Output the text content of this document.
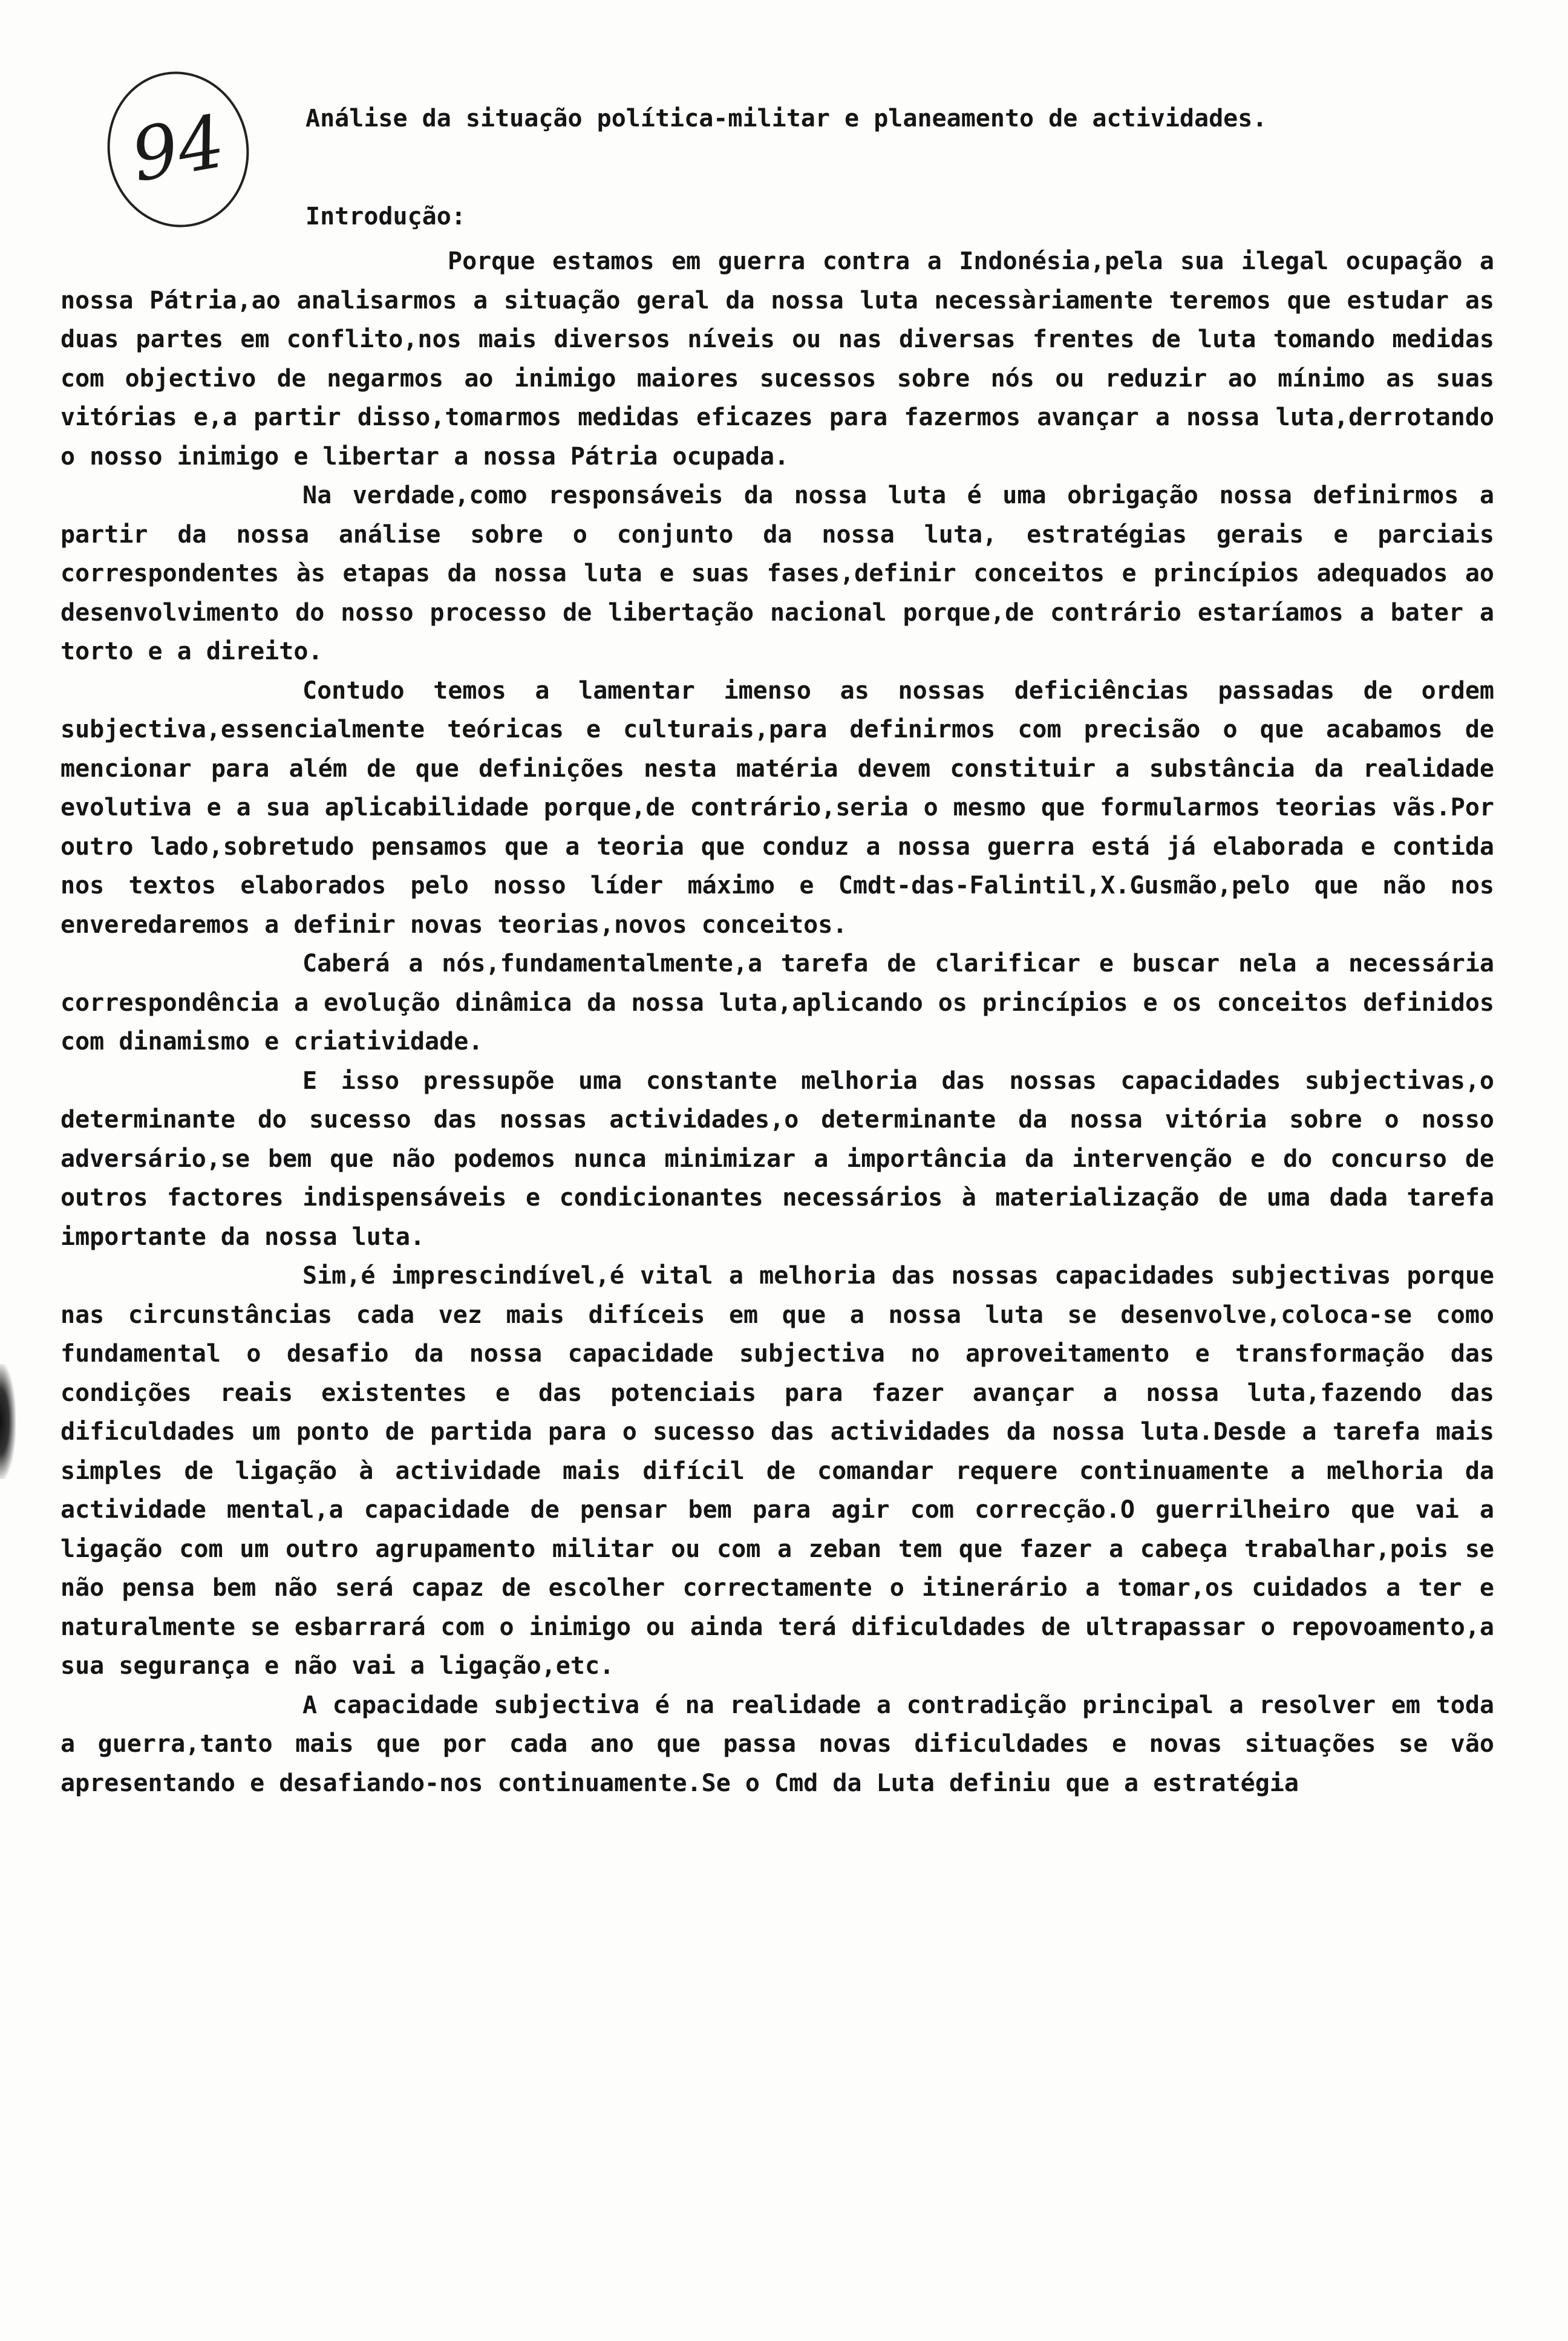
94	Análise da situação política-militar e planeamento de actividades.
Introdução:

Porque estamos em guerra contra a Indonésia,pela sua ilegal ocupação a nossa Pátria,ao analisarmos a situação geral da nossa luta necessàriamente teremos que estudar as duas partes em conflito,nos mais diversos níveis ou nas diversas frentes de luta tomando medidas com objectivo de negarmos ao inimigo maiores sucessos sobre nós ou reduzir ao mínimo as suas vitórias e,a partir disso,tomarmos medidas eficazes para fazermos avançar a nossa luta,derrotando o nosso inimigo e libertar a nossa Pátria ocupada.

Na verdade,como responsáveis da nossa luta é uma obrigação nossa definirmos a partir da nossa análise sobre o conjunto da nossa luta, estratégias gerais e parciais correspondentes às etapas da nossa luta e suas fases,definir conceitos e princípios adequados ao desenvolvimento do nosso processo de libertação nacional porque,de contrário estaríamos a bater a torto e a direito.

Contudo temos a lamentar imenso as nossas deficiências passadas de ordem subjectiva,essencialmente teóricas e culturais,para definirmos com precisão o que acabamos de mencionar para além de que definições nesta matéria devem constituir a substância da realidade evolutiva e a sua aplicabilidade porque,de contrário,seria o mesmo que formularmos teorias vãs.Por outro lado,sobretudo pensamos que a teoria que conduz a nossa guerra está já elaborada e contida nos textos elaborados pelo nosso líder máximo e Cmdt-das-Falintil,X.Gusmão,pelo que não nos enveredaremos a definir novas teorias,novos conceitos.

Caberá a nós,fundamentalmente,a tarefa de clarificar e buscar nela a necessária correspondência a evolução dinâmica da nossa luta,aplicando os princípios e os conceitos definidos com dinamismo e criatividade.

E isso pressupõe uma constante melhoria das nossas capacidades subjectivas,o determinante do sucesso das nossas actividades,o determinante da nossa vitória sobre o nosso adversário,se bem que não podemos nunca minimizar a importância da intervenção e do concurso de outros factores indispensáveis e condicionantes necessários à materialização de uma dada tarefa importante da nossa luta.

Sim,é imprescindível,é vital a melhoria das nossas capacidades subjectivas porque nas circunstâncias cada vez mais difíceis em que a nossa luta se desenvolve,coloca-se como fundamental o desafio da nossa capacidade subjectiva no aproveitamento e transformação das condições reais existentes e das potenciais para fazer avançar a nossa luta,fazendo das dificuldades um ponto de partida para o sucesso das actividades da nossa luta.Desde a tarefa mais simples de ligação à actividade mais difícil de comandar requere continuamente a melhoria da actividade mental,a capacidade de pensar bem para agir com correcção.O guerrilheiro que vai a ligação com um outro agrupamento militar ou com a zeban tem que fazer a cabeça trabalhar,pois se não pensa bem não será capaz de escolher correctamente o itinerário a tomar,os cuidados a ter e naturalmente se esbarrará com o inimigo ou ainda terá dificuldades de ultrapassar o repovoamento,a sua segurança e não vai a ligação,etc.

A capacidade subjectiva é na realidade a contradição principal a resolver em toda a guerra,tanto mais que por cada ano que passa novas dificuldades e novas situações se vão apresentando e desafiando-nos continuamente.Se o Cmd da Luta definiu que a estratégia
